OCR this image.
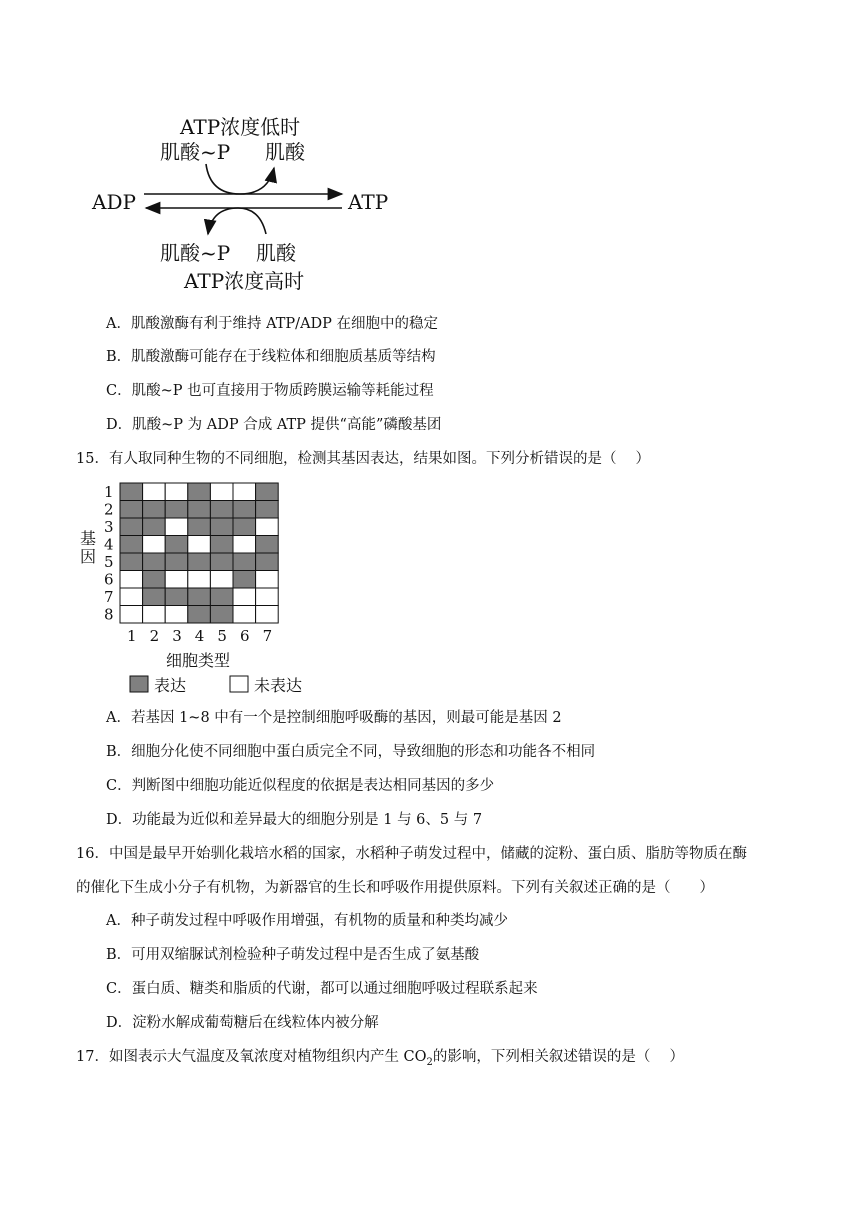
ATP浓度低时
肌酸~P 肌酸
ADP	ATP
肌酸~P 肌酸
ATP浓度高时
A．肌酸激酶有利于维持 ATP/ADP 在细胞中的稳定
B．肌酸激酶可能存在于线粒体和细胞质基质等结构
C．肌酸~P 也可直接用于物质跨膜运输等耗能过程
D．肌酸~P 为 ADP 合成 ATP 提供“高能”磷酸基团
15．有人取同种生物的不同细胞，检测其基因表达，结果如图。下列分析错误的是（　 ）
基
因
1
2
3
4
5
6
7
8
1 2 3 4 5 6 7
细胞类型
表达	未表达
A．若基因 1~8 中有一个是控制细胞呼吸酶的基因，则最可能是基因 2
B．细胞分化使不同细胞中蛋白质完全不同，导致细胞的形态和功能各不相同
C．判断图中细胞功能近似程度的依据是表达相同基因的多少
D．功能最为近似和差异最大的细胞分别是 1 与 6、5 与 7
16．中国是最早开始驯化栽培水稻的国家，水稻种子萌发过程中，储藏的淀粉、蛋白质、脂肪等物质在酶
的催化下生成小分子有机物，为新器官的生长和呼吸作用提供原料。下列有关叙述正确的是（　　）
A．种子萌发过程中呼吸作用增强，有机物的质量和种类均减少
B．可用双缩脲试剂检验种子萌发过程中是否生成了氨基酸
C．蛋白质、糖类和脂质的代谢，都可以通过细胞呼吸过程联系起来
D．淀粉水解成葡萄糖后在线粒体内被分解
17．如图表示大气温度及氧浓度对植物组织内产生 $CO_2$的影响，下列相关叙述错误的是（　 ）
